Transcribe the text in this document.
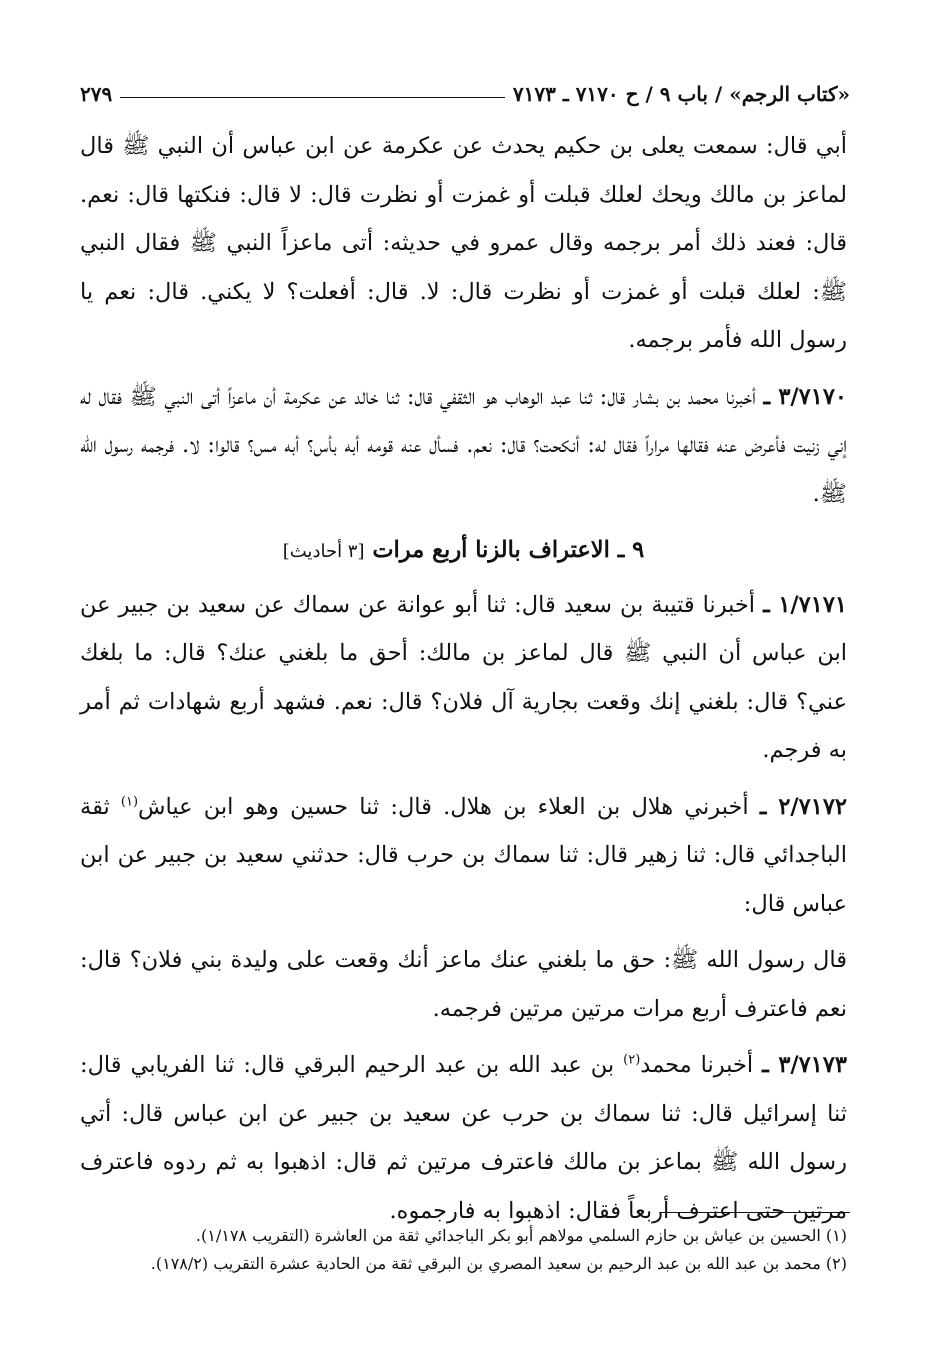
«كتاب الرجم» / باب ٩ / ح ٧١٧٠ ـ ٧١٧٣
٢٧٩

أبي قال: سمعت يعلى بن حكيم يحدث عن عكرمة عن ابن عباس أن النبي ﷺ قال لماعز بن مالك ويحك لعلك قبلت أو غمزت أو نظرت قال: لا قال: فنكتها قال: نعم. قال: فعند ذلك أمر برجمه وقال عمرو في حديثه: أتى ماعزاً النبي ﷺ فقال النبي ﷺ: لعلك قبلت أو غمزت أو نظرت قال: لا. قال: أفعلت؟ لا يكني. قال: نعم يا رسول الله فأمر برجمه.

٣/٧١٧٠ ـ أخبرنا محمد بن بشار قال: ثنا عبد الوهاب هو الثقفي قال: ثنا خالد عن عكرمة أن ماعزاً أتى النبي ﷺ فقال له إني زنيت فأعرض عنه فقالها مراراً فقال له: أنكحت؟ قال: نعم. فسأل عنه قومه أبه بأس؟ أبه مس؟ قالوا: لا. فرجمه رسول الله ﷺ.

٩ ـ الاعتراف بالزنا أربع مرات [٣ أحاديث]

١/٧١٧١ ـ أخبرنا قتيبة بن سعيد قال: ثنا أبو عوانة عن سماك عن سعيد بن جبير عن ابن عباس أن النبي ﷺ قال لماعز بن مالك: أحق ما بلغني عنك؟ قال: ما بلغك عني؟ قال: بلغني إنك وقعت بجارية آل فلان؟ قال: نعم. فشهد أربع شهادات ثم أمر به فرجم.

٢/٧١٧٢ ـ أخبرني هلال بن العلاء بن هلال. قال: ثنا حسين وهو ابن عياش$^{(١)}$ ثقة الباجدائي قال: ثنا زهير قال: ثنا سماك بن حرب قال: حدثني سعيد بن جبير عن ابن عباس قال:

قال رسول الله ﷺ: حق ما بلغني عنك ماعز أنك وقعت على وليدة بني فلان؟ قال: نعم فاعترف أربع مرات مرتين مرتين فرجمه.

٣/٧١٧٣ ـ أخبرنا محمد$^{(٢)}$ بن عبد الله بن عبد الرحيم البرقي قال: ثنا الفريابي قال: ثنا إسرائيل قال: ثنا سماك بن حرب عن سعيد بن جبير عن ابن عباس قال: أتي رسول الله ﷺ بماعز بن مالك فاعترف مرتين ثم قال: اذهبوا به ثم ردوه فاعترف مرتين حتى اعترف أربعاً فقال: اذهبوا به فارجموه.

(١) الحسين بن عياش بن حازم السلمي مولاهم أبو بكر الباجدائي ثقة من العاشرة (التقريب ١/١٧٨).

(٢) محمد بن عبد الله بن عبد الرحيم بن سعيد المصري بن البرقي ثقة من الحادية عشرة التقريب (١٧٨/٢).
